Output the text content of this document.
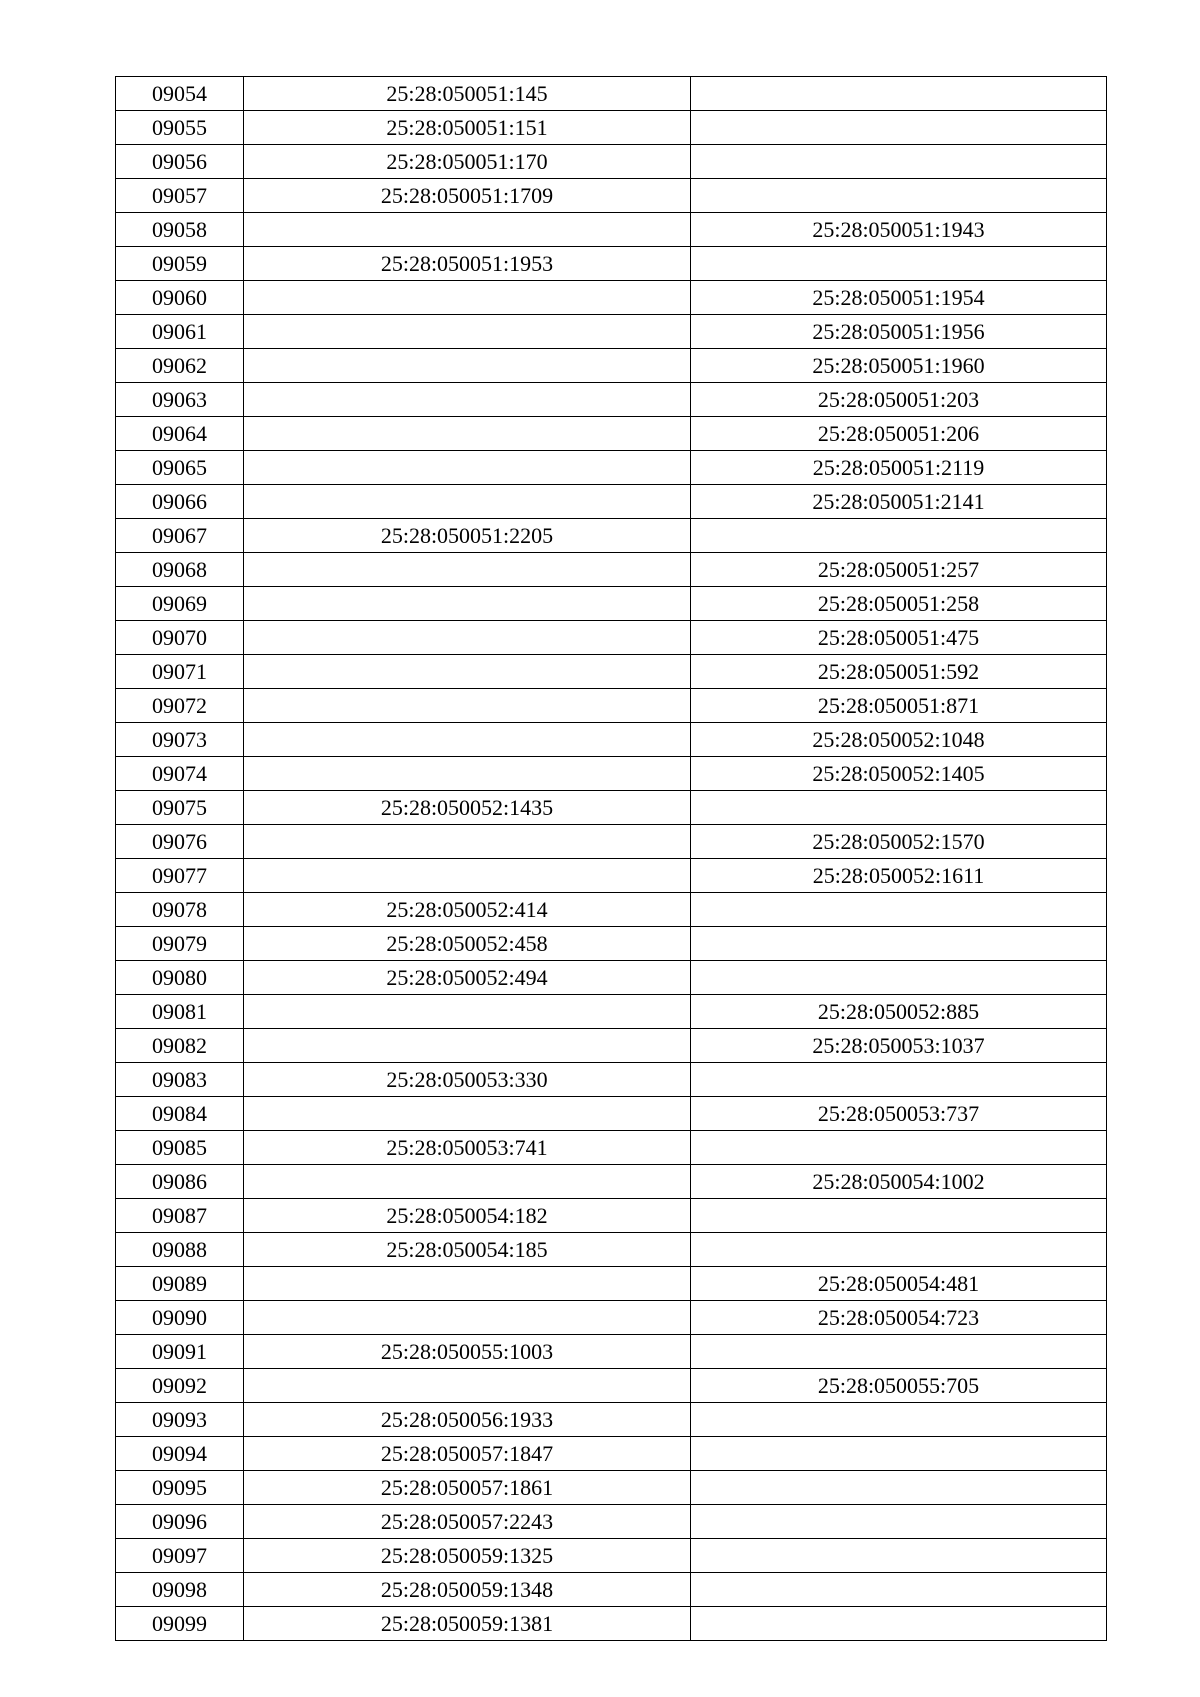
09054	25:28:050051:145	
09055	25:28:050051:151	
09056	25:28:050051:170	
09057	25:28:050051:1709	
09058		25:28:050051:1943
09059	25:28:050051:1953	
09060		25:28:050051:1954
09061		25:28:050051:1956
09062		25:28:050051:1960
09063		25:28:050051:203
09064		25:28:050051:206
09065		25:28:050051:2119
09066		25:28:050051:2141
09067	25:28:050051:2205	
09068		25:28:050051:257
09069		25:28:050051:258
09070		25:28:050051:475
09071		25:28:050051:592
09072		25:28:050051:871
09073		25:28:050052:1048
09074		25:28:050052:1405
09075	25:28:050052:1435	
09076		25:28:050052:1570
09077		25:28:050052:1611
09078	25:28:050052:414	
09079	25:28:050052:458	
09080	25:28:050052:494	
09081		25:28:050052:885
09082		25:28:050053:1037
09083	25:28:050053:330	
09084		25:28:050053:737
09085	25:28:050053:741	
09086		25:28:050054:1002
09087	25:28:050054:182	
09088	25:28:050054:185	
09089		25:28:050054:481
09090		25:28:050054:723
09091	25:28:050055:1003	
09092		25:28:050055:705
09093	25:28:050056:1933	
09094	25:28:050057:1847	
09095	25:28:050057:1861	
09096	25:28:050057:2243	
09097	25:28:050059:1325	
09098	25:28:050059:1348	
09099	25:28:050059:1381	
